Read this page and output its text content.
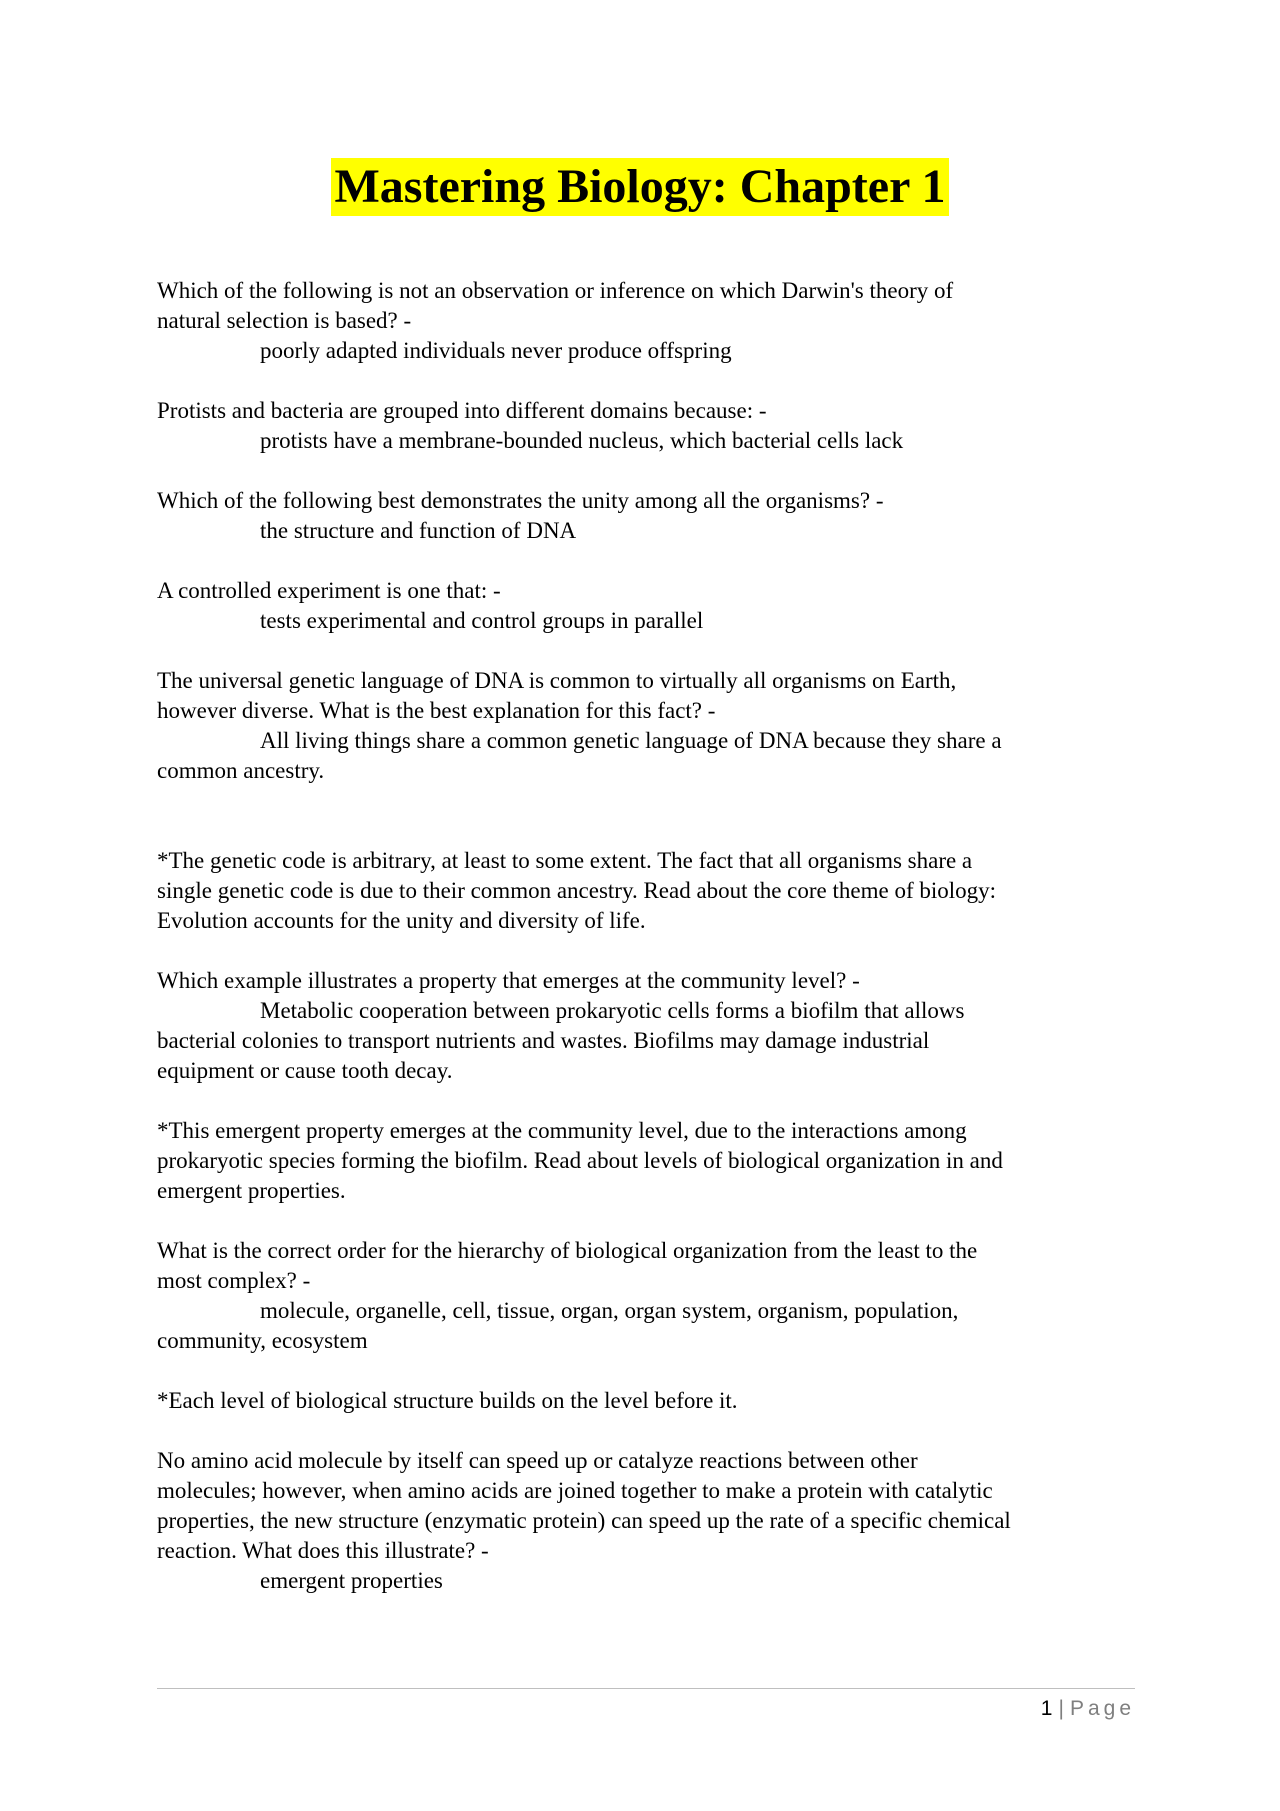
Mastering Biology: Chapter 1
Which of the following is not an observation or inference on which Darwin's theory of
natural selection is based? -
poorly adapted individuals never produce offspring
Protists and bacteria are grouped into different domains because: -
protists have a membrane-bounded nucleus, which bacterial cells lack
Which of the following best demonstrates the unity among all the organisms? -
the structure and function of DNA
A controlled experiment is one that: -
tests experimental and control groups in parallel
The universal genetic language of DNA is common to virtually all organisms on Earth,
however diverse. What is the best explanation for this fact? -
All living things share a common genetic language of DNA because they share a
common ancestry.
*The genetic code is arbitrary, at least to some extent. The fact that all organisms share a
single genetic code is due to their common ancestry. Read about the core theme of biology:
Evolution accounts for the unity and diversity of life.
Which example illustrates a property that emerges at the community level? -
Metabolic cooperation between prokaryotic cells forms a biofilm that allows
bacterial colonies to transport nutrients and wastes. Biofilms may damage industrial
equipment or cause tooth decay.
*This emergent property emerges at the community level, due to the interactions among
prokaryotic species forming the biofilm. Read about levels of biological organization in and
emergent properties.
What is the correct order for the hierarchy of biological organization from the least to the
most complex? -
molecule, organelle, cell, tissue, organ, organ system, organism, population,
community, ecosystem
*Each level of biological structure builds on the level before it.
No amino acid molecule by itself can speed up or catalyze reactions between other
molecules; however, when amino acids are joined together to make a protein with catalytic
properties, the new structure (enzymatic protein) can speed up the rate of a specific chemical
reaction. What does this illustrate? -
emergent properties
1 | Page
